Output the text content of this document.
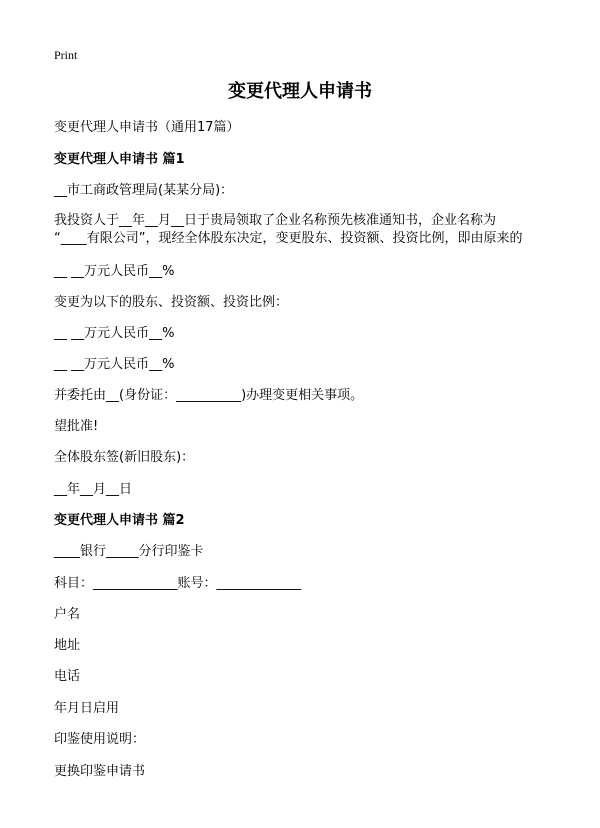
Print
变更代理人申请书
变更代理人申请书（通用17篇）
变更代理人申请书 篇1
__市工商政管理局(某某分局)：
我投资人于__年__月__日于贵局领取了企业名称预先核准通知书，企业名称为
“____有限公司”，现经全体股东决定，变更股东、投资额、投资比例，即由原来的
__ __万元人民币__%
变更为以下的股东、投资额、投资比例：
__ __万元人民币__%
__ __万元人民币__%
并委托由__(身份证：__________)办理变更相关事项。
望批准!
全体股东签(新旧股东)：
__年__月__日
变更代理人申请书 篇2
____银行_____分行印鉴卡
科目：_____________账号：_____________
户名
地址
电话
年月日启用
印鉴使用说明：
更换印鉴申请书
